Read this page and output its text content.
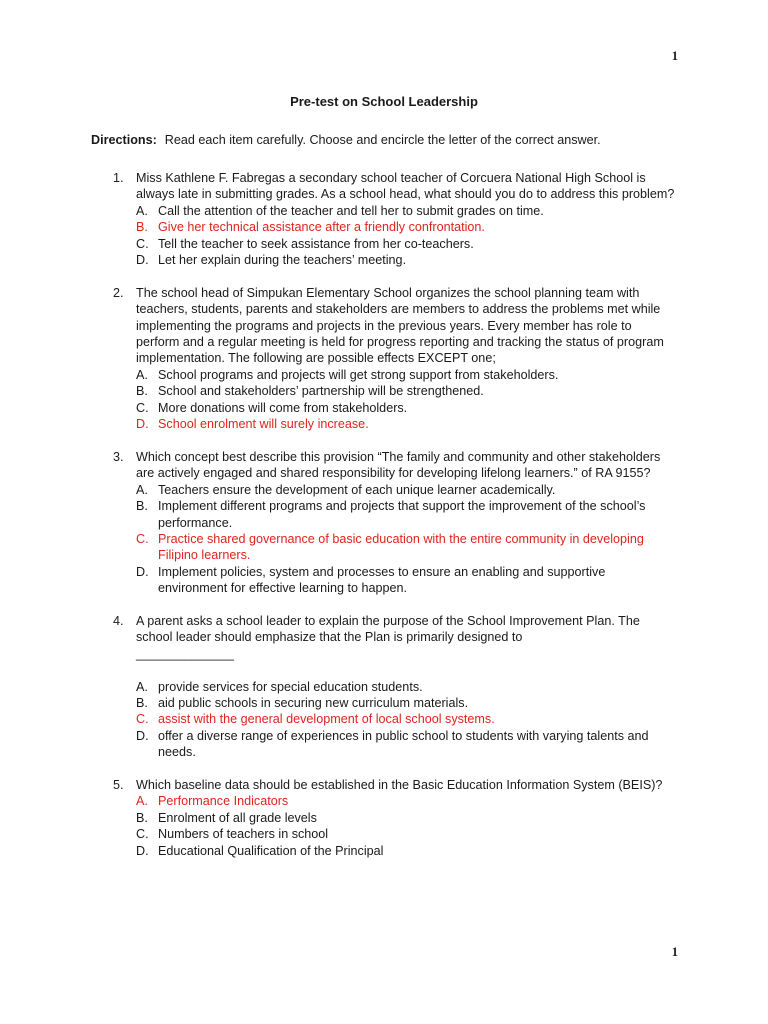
1
Pre-test on School Leadership
Directions: Read each item carefully. Choose and encircle the letter of the correct answer.
1. Miss Kathlene F. Fabregas a secondary school teacher of Corcuera National High School is always late in submitting grades. As a school head, what should you do to address this problem?
A. Call the attention of the teacher and tell her to submit grades on time.
B. Give her technical assistance after a friendly confrontation.
C. Tell the teacher to seek assistance from her co-teachers.
D. Let her explain during the teachers’ meeting.
2. The school head of Simpukan Elementary School organizes the school planning team with teachers, students, parents and stakeholders are members to address the problems met while implementing the programs and projects in the previous years. Every member has role to perform and a regular meeting is held for progress reporting and tracking the status of program implementation. The following are possible effects EXCEPT one;
A. School programs and projects will get strong support from stakeholders.
B. School and stakeholders’ partnership will be strengthened.
C. More donations will come from stakeholders.
D. School enrolment will surely increase.
3. Which concept best describe this provision “The family and community and other stakeholders are actively engaged and shared responsibility for developing lifelong learners.” of RA 9155?
A. Teachers ensure the development of each unique learner academically.
B. Implement different programs and projects that support the improvement of the school’s performance.
C. Practice shared governance of basic education with the entire community in developing Filipino learners.
D. Implement policies, system and processes to ensure an enabling and supportive environment for effective learning to happen.
4. A parent asks a school leader to explain the purpose of the School Improvement Plan. The school leader should emphasize that the Plan is primarily designed to
______________
A. provide services for special education students.
B. aid public schools in securing new curriculum materials.
C. assist with the general development of local school systems.
D. offer a diverse range of experiences in public school to students with varying talents and needs.
5. Which baseline data should be established in the Basic Education Information System (BEIS)?
A. Performance Indicators
B. Enrolment of all grade levels
C. Numbers of teachers in school
D. Educational Qualification of the Principal
1
